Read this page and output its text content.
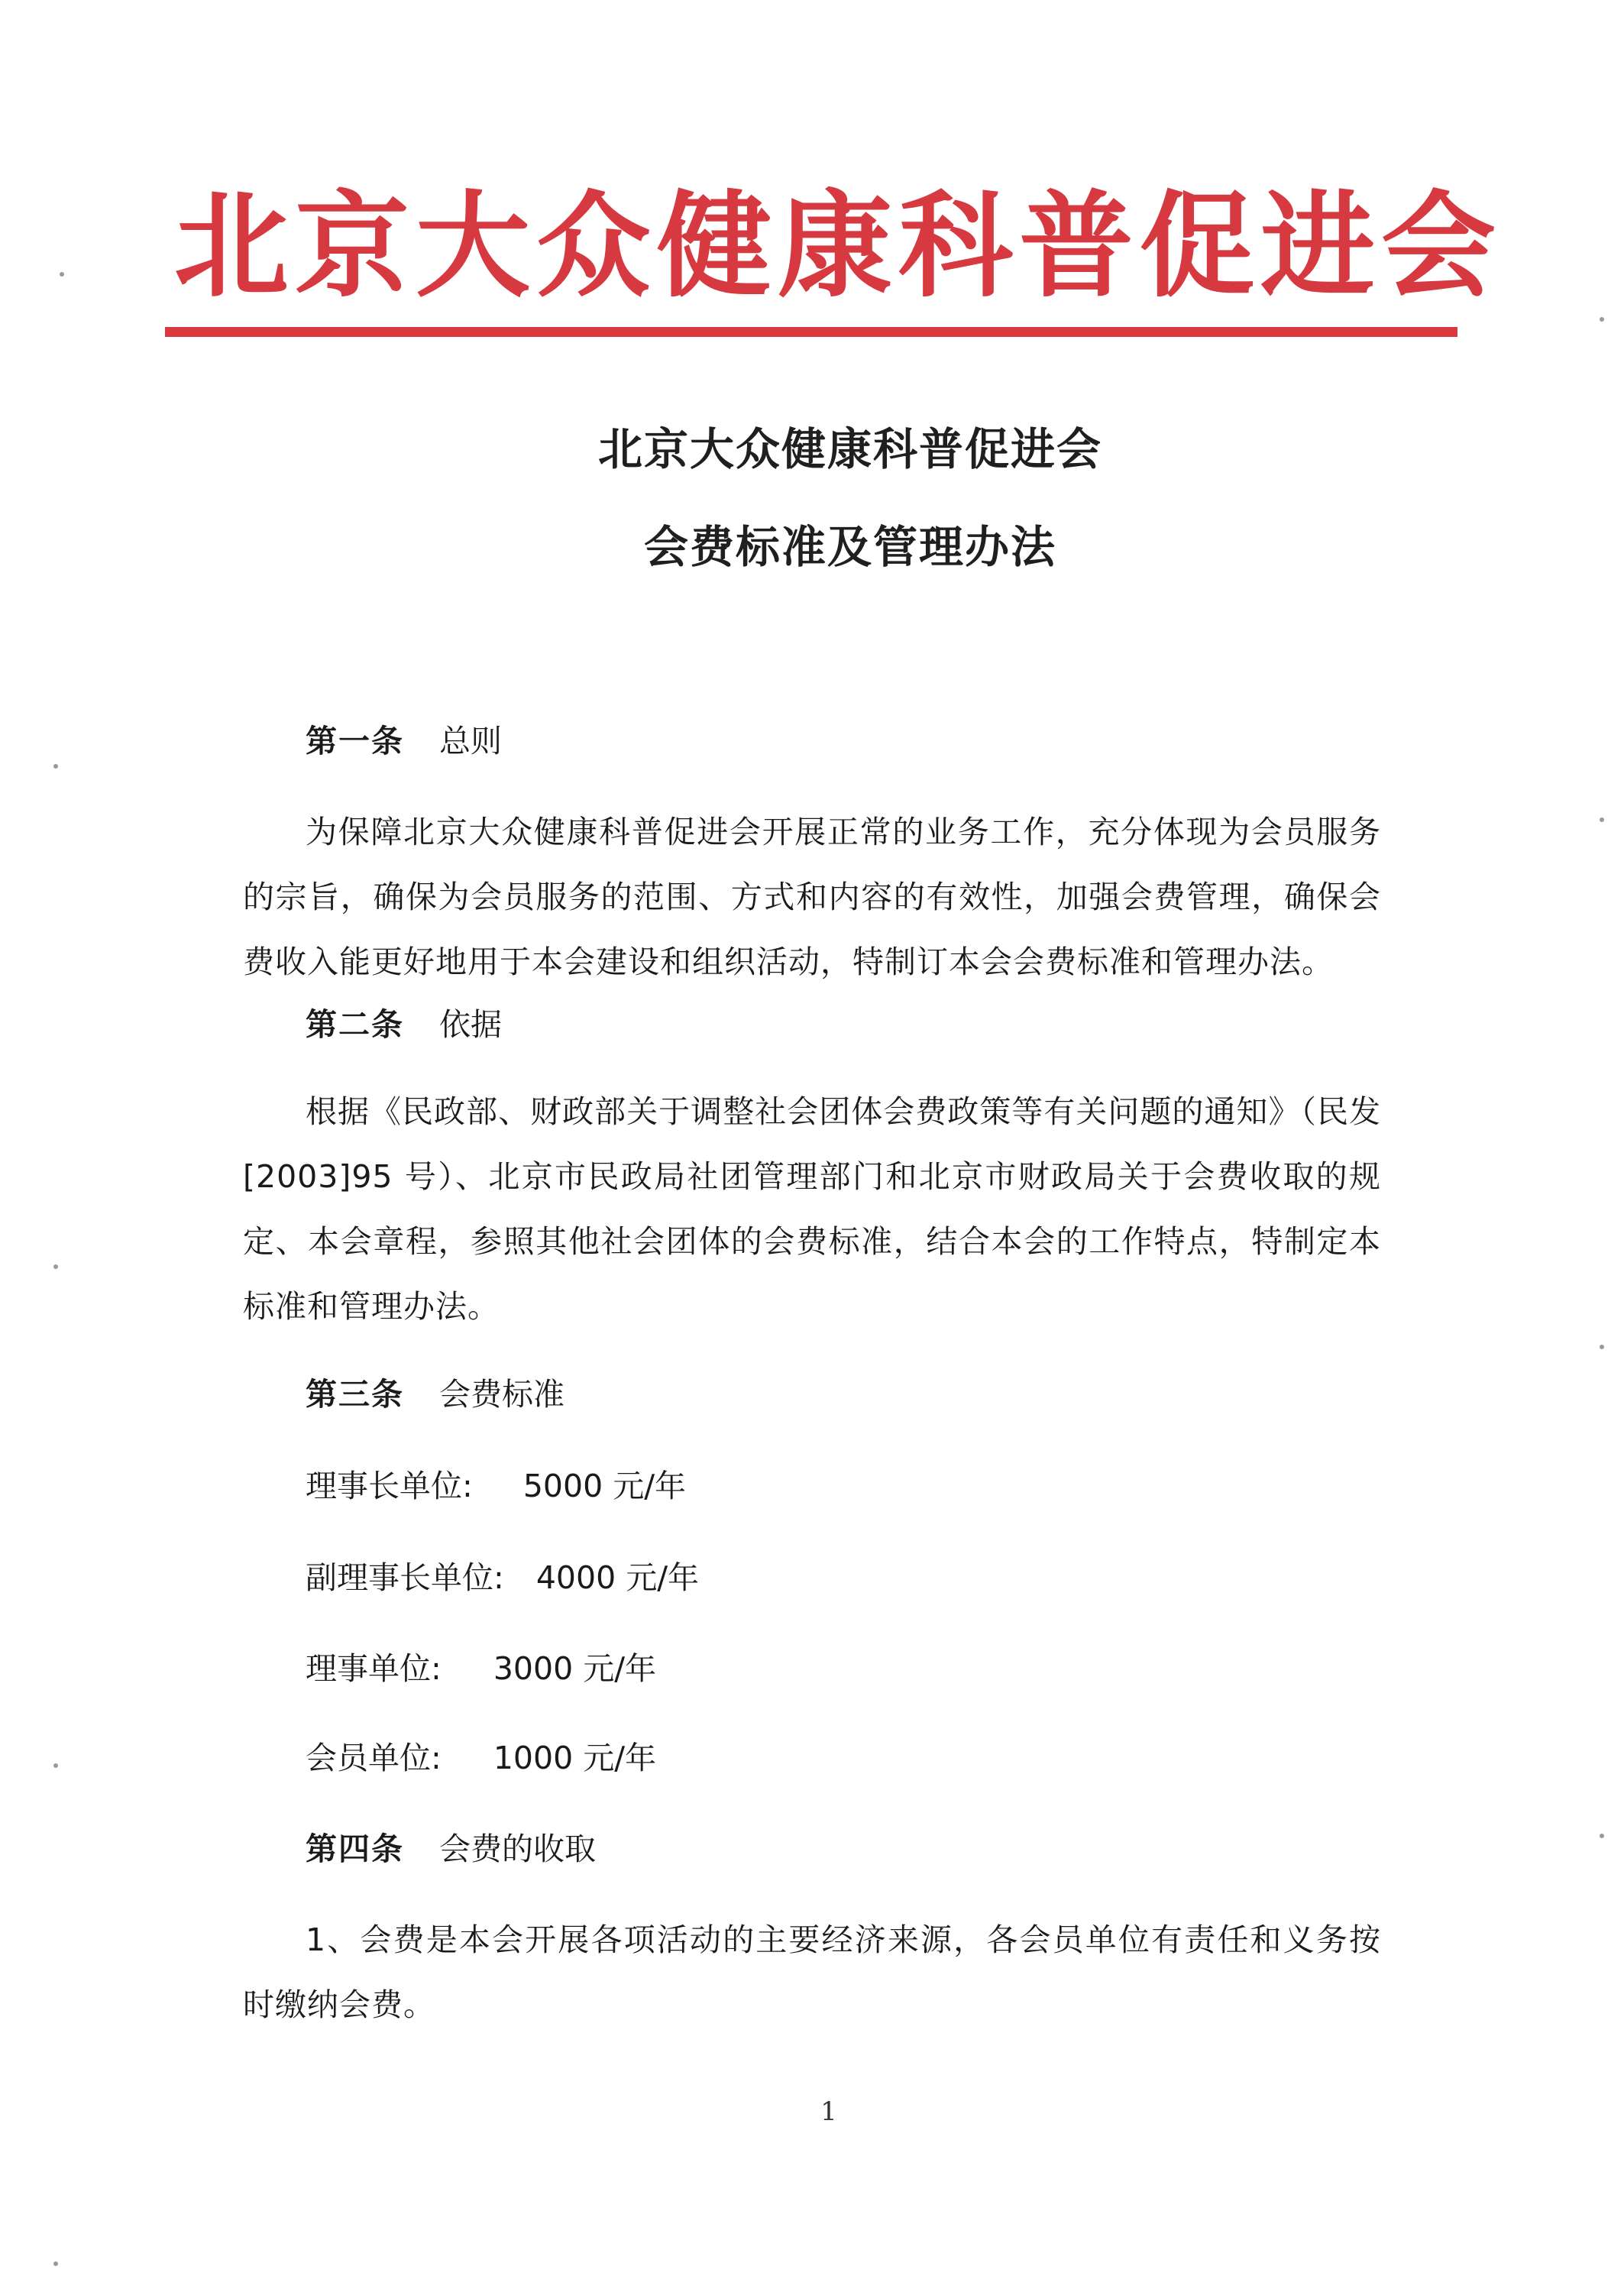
北京大众健康科普促进会
北京大众健康科普促进会
会费标准及管理办法
第一条 总则
为保障北京大众健康科普促进会开展正常的业务工作，充分体现为会员服务的宗旨，确保为会员服务的范围、方式和内容的有效性，加强会费管理，确保会费收入能更好地用于本会建设和组织活动，特制订本会会费标准和管理办法。
第二条 依据
根据《民政部、财政部关于调整社会团体会费政策等有关问题的通知》（民发[2003]95 号）、北京市民政局社团管理部门和北京市财政局关于会费收取的规定、本会章程，参照其他社会团体的会费标准，结合本会的工作特点，特制定本标准和管理办法。
第三条 会费标准
理事长单位: 5000 元/年
副理事长单位: 4000 元/年
理事单位: 3000 元/年
会员单位: 1000 元/年
第四条 会费的收取
1、会费是本会开展各项活动的主要经济来源，各会员单位有责任和义务按时缴纳会费。
1
